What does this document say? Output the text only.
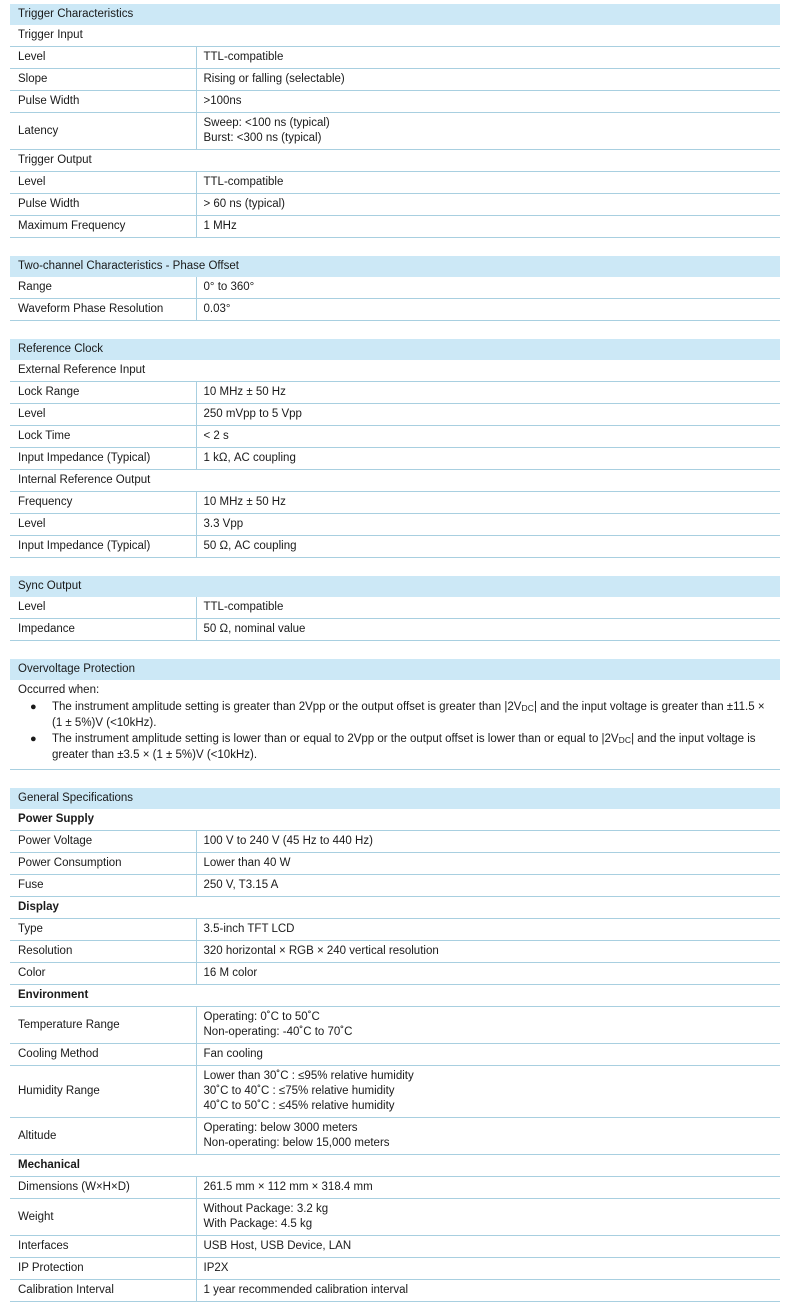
Trigger Characteristics	
Trigger Input	
Level	TTL-compatible

Slope	Rising or falling (selectable)

Pulse Width	>100ns

Latency	Sweep: <100 ns (typical)
Burst: <300 ns (typical)

Trigger Output	
Level	TTL-compatible

Pulse Width	> 60 ns (typical)

Maximum Frequency	1 MHz
Two-channel Characteristics - Phase Offset	
Range	0° to 360°

Waveform Phase Resolution	0.03°
Reference Clock	
External Reference Input	
Lock Range	10 MHz ± 50 Hz

Level	250 mVpp to 5 Vpp

Lock Time	< 2 s

Input Impedance (Typical)	1 kΩ, AC coupling

Internal Reference Output	
Frequency	10 MHz ± 50 Hz

Level	3.3 Vpp

Input Impedance (Typical)	50 Ω, AC coupling
Sync Output	
Level	TTL-compatible

Impedance	50 Ω, nominal value
Overvoltage Protection
Occurred when:

● The instrument amplitude setting is greater than 2Vpp or the output offset is greater than $|2V_{DC}|$ and the input voltage is greater than ±11.5 × (1 ± 5%)V (<10kHz).
● The instrument amplitude setting is lower than or equal to 2Vpp or the output offset is lower than or equal to $|2V_{DC}|$ and the input voltage is greater than ±3.5 × (1 ± 5%)V (<10kHz).
General Specifications	
Power Supply	
Power Voltage	100 V to 240 V (45 Hz to 440 Hz)

Power Consumption	Lower than 40 W

Fuse	250 V, T3.15 A

Display	
Type	3.5-inch TFT LCD

Resolution	320 horizontal × RGB × 240 vertical resolution

Color	16 M color

Environment	
Temperature Range	Operating: 0˚C to 50˚C
Non-operating: -40˚C to 70˚C

Cooling Method	Fan cooling

Humidity Range	Lower than 30˚C : ≤95% relative humidity
30˚C to 40˚C : ≤75% relative humidity
40˚C to 50˚C : ≤45% relative humidity

Altitude	Operating: below 3000 meters
Non-operating: below 15,000 meters

Mechanical	
Dimensions (W×H×D)	261.5 mm × 112 mm × 318.4 mm

Weight	Without Package: 3.2 kg
With Package: 4.5 kg

Interfaces	USB Host, USB Device, LAN

IP Protection	IP2X

Calibration Interval	1 year recommended calibration interval
